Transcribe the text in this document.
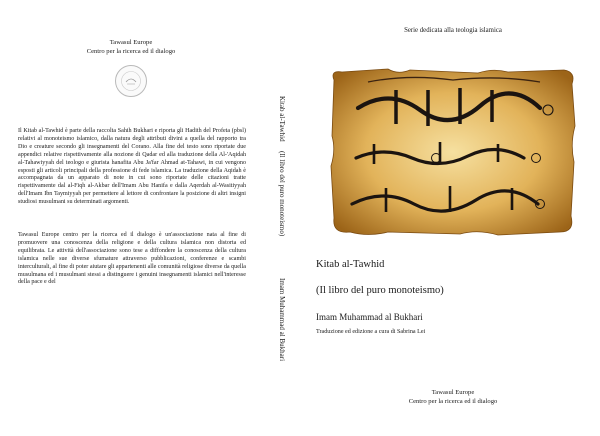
Tawasul Europe
Centro per la ricerca ed il dialogo

Il Kitab al-Tawhid è parte della raccolta Sahih Bukhari e riporta gli Hadith del Profeta (pbsl) relativi al monoteismo islamico, dalla natura degli attributi divini a quella del rapporto tra Dio e creature secondo gli insegnamenti del Corano. Alla fine del testo sono riportate due appendici relative rispettivamente alla nozione di Qadar ed alla traduzione della Al-'Aqidah al-Tahawiyyah del teologo e giurista hanafita Abu Ja'far Ahmad at-Tahawi, in cui vengono esposti gli articoli principali della professione di fede islamica. La traduzione della Aqidah è accompagnata da un apparato di note in cui sono riportate delle citazioni tratte rispettivamente dal al-Fiqh al-Akbar dell'Imam Abu Hanifa e dalla Aqerdah al-Wasitiyyah dell'Imam Ibn Taymiyyah per permettere al lettore di confrontare la posizione di altri insigni studiosi musulmani su determinati argomenti.

Tawasul Europe centro per la ricerca ed il dialogo è un'associazione nata al fine di promuovere una conoscenza della religione e della cultura islamica non distorta ed equilibrata. Le attività dell'associazione sono tese a diffondere la conoscenza della cultura islamica nelle sue diverse sfumature attraverso pubblicazioni, conferenze e scambi interculturali, al fine di poter aiutare gli appartenenti alle comunità religiose diverse da quella musulmana ed i musulmani stessi a distinguere i genuini insegnamenti islamici nell'interesse della pace e del

Kitab al-Tawhid (Il libro del puro monoteismo) Imam Muhammad al Bukhari
Serie dedicata alla teologia islamica
Kitab al-Tawhid
(Il libro del puro monoteismo)
Imam Muhammad al Bukhari
Traduzione ed edizione a cura di Sabrina Lei
Tawasul Europe
Centro per la ricerca ed il dialogo
